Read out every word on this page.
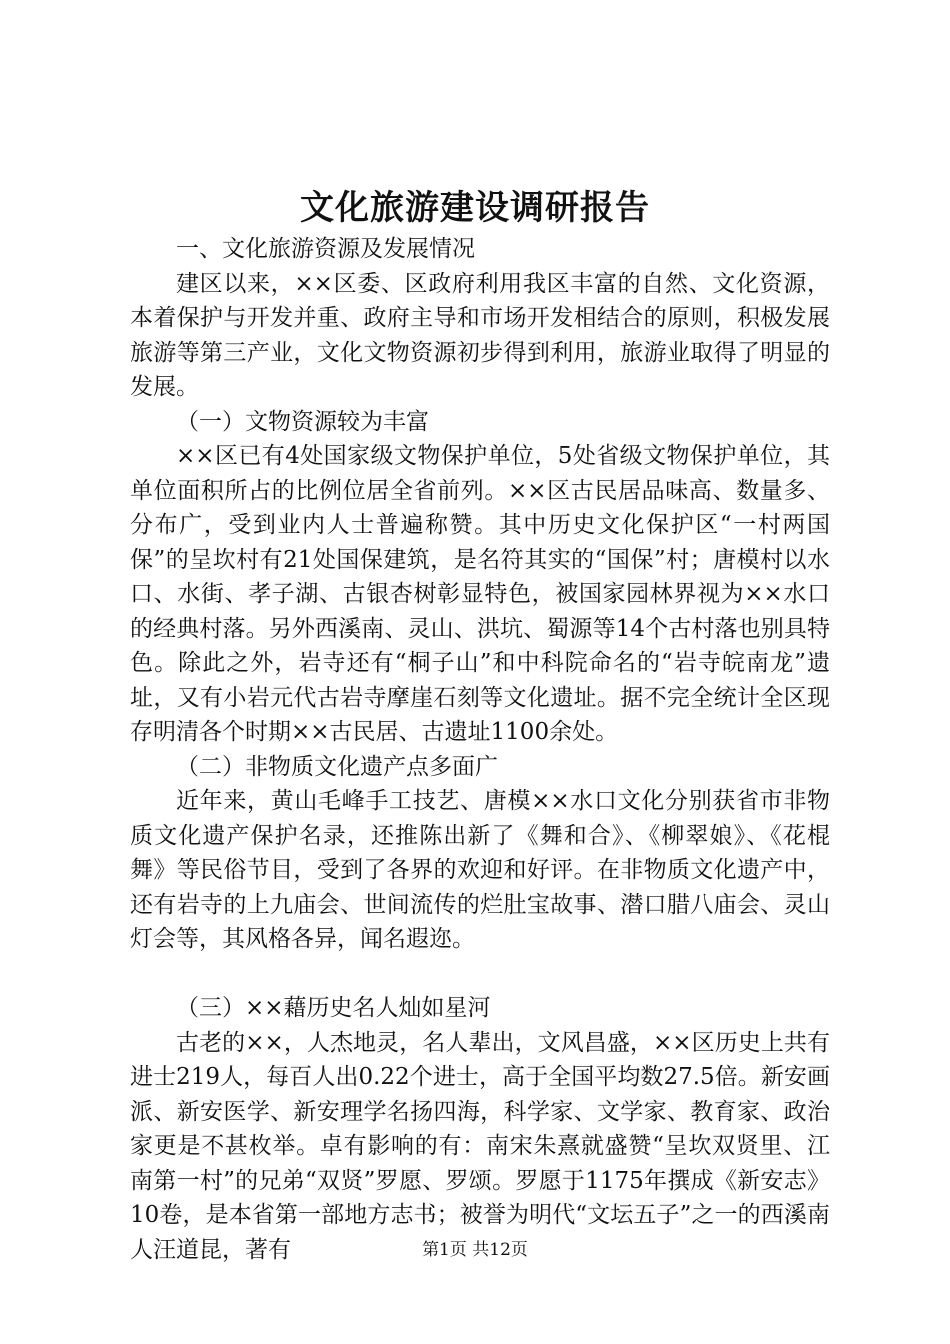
文化旅游建设调研报告

一、文化旅游资源及发展情况

建区以来，××区委、区政府利用我区丰富的自然、文化资源，本着保护与开发并重、政府主导和市场开发相结合的原则，积极发展旅游等第三产业，文化文物资源初步得到利用，旅游业取得了明显的发展。

（一）文物资源较为丰富

××区已有4处国家级文物保护单位，5处省级文物保护单位，其单位面积所占的比例位居全省前列。××区古民居品味高、数量多、分布广，受到业内人士普遍称赞。其中历史文化保护区“一村两国保”的呈坎村有21处国保建筑，是名符其实的“国保”村；唐模村以水口、水街、孝子湖、古银杏树彰显特色，被国家园林界视为××水口的经典村落。另外西溪南、灵山、洪坑、蜀源等14个古村落也别具特色。除此之外，岩寺还有“桐子山”和中科院命名的“岩寺皖南龙”遗址，又有小岩元代古岩寺摩崖石刻等文化遗址。据不完全统计全区现存明清各个时期××古民居、古遗址1100余处。

（二）非物质文化遗产点多面广

近年来，黄山毛峰手工技艺、唐模××水口文化分别获省市非物质文化遗产保护名录，还推陈出新了《舞和合》、《柳翠娘》、《花棍舞》等民俗节目，受到了各界的欢迎和好评。在非物质文化遗产中，还有岩寺的上九庙会、世间流传的烂肚宝故事、潜口腊八庙会、灵山灯会等，其风格各异，闻名遐迩。

（三）××藉历史名人灿如星河

古老的××，人杰地灵，名人辈出，文风昌盛，××区历史上共有进士219人，每百人出0.22个进士，高于全国平均数27.5倍。新安画派、新安医学、新安理学名扬四海，科学家、文学家、教育家、政治家更是不甚枚举。卓有影响的有：南宋朱熹就盛赞“呈坎双贤里、江南第一村”的兄弟“双贤”罗愿、罗颂。罗愿于1175年撰成《新安志》10卷，是本省第一部地方志书；被誉为明代“文坛五子”之一的西溪南人汪道昆，著有	第1页 共12页
